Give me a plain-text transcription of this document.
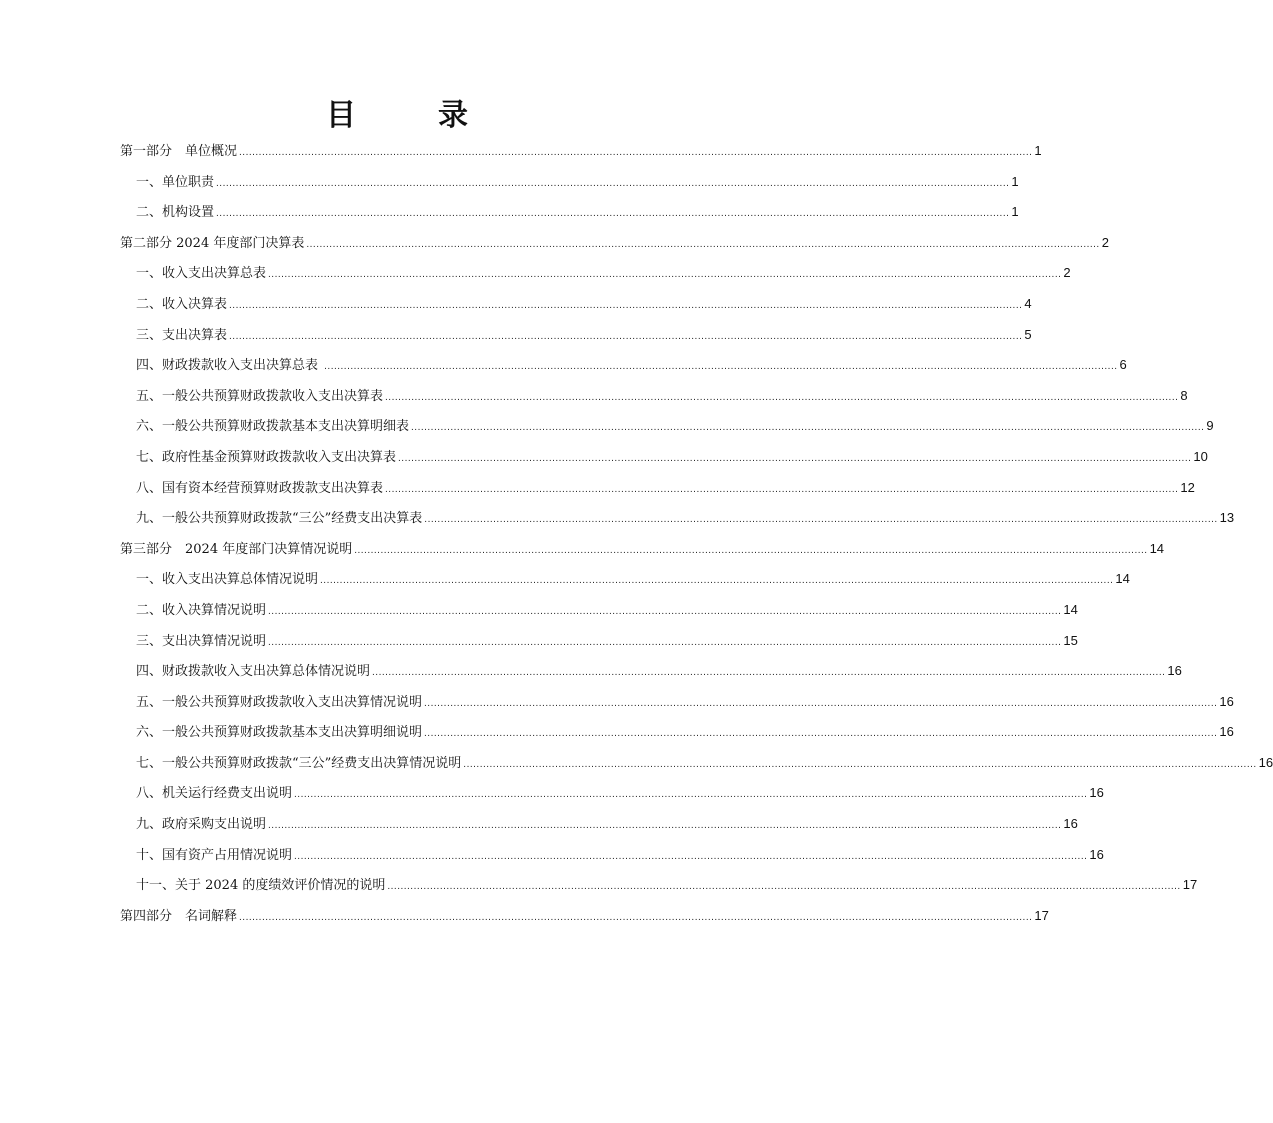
目　录
第一部分　单位概况 .................................................................................................................................................................................................................................................. 1
一、单位职责 .................................................................................................................................................................................................................................................. 1
二、机构设置 .................................................................................................................................................................................................................................................. 1
第二部分 2024 年度部门决算表 .................................................................................................................................................................................................................................................. 2
一、收入支出决算总表 .................................................................................................................................................................................................................................................. 2
二、收入决算表 .................................................................................................................................................................................................................................................. 4
三、支出决算表 .................................................................................................................................................................................................................................................. 5
四、财政拨款收入支出决算总表 .................................................................................................................................................................................................................................................. 6
五、一般公共预算财政拨款收入支出决算表 .................................................................................................................................................................................................................................................. 8
六、一般公共预算财政拨款基本支出决算明细表 .................................................................................................................................................................................................................................................. 9
七、政府性基金预算财政拨款收入支出决算表 .................................................................................................................................................................................................................................................. 10
八、国有资本经营预算财政拨款支出决算表 .................................................................................................................................................................................................................................................. 12
九、一般公共预算财政拨款“三公”经费支出决算表 .................................................................................................................................................................................................................................................. 13
第三部分　2024 年度部门决算情况说明 .................................................................................................................................................................................................................................................. 14
一、收入支出决算总体情况说明 .................................................................................................................................................................................................................................................. 14
二、收入决算情况说明 .................................................................................................................................................................................................................................................. 14
三、支出决算情况说明 .................................................................................................................................................................................................................................................. 15
四、财政拨款收入支出决算总体情况说明 .................................................................................................................................................................................................................................................. 16
五、一般公共预算财政拨款收入支出决算情况说明 .................................................................................................................................................................................................................................................. 16
六、一般公共预算财政拨款基本支出决算明细说明 .................................................................................................................................................................................................................................................. 16
七、一般公共预算财政拨款“三公”经费支出决算情况说明 .................................................................................................................................................................................................................................................. 16
八、机关运行经费支出说明 .................................................................................................................................................................................................................................................. 16
九、政府采购支出说明 .................................................................................................................................................................................................................................................. 16
十、国有资产占用情况说明 .................................................................................................................................................................................................................................................. 16
十一、关于 2024 的度绩效评价情况的说明 .................................................................................................................................................................................................................................................. 17
第四部分　名词解释 .................................................................................................................................................................................................................................................. 17
